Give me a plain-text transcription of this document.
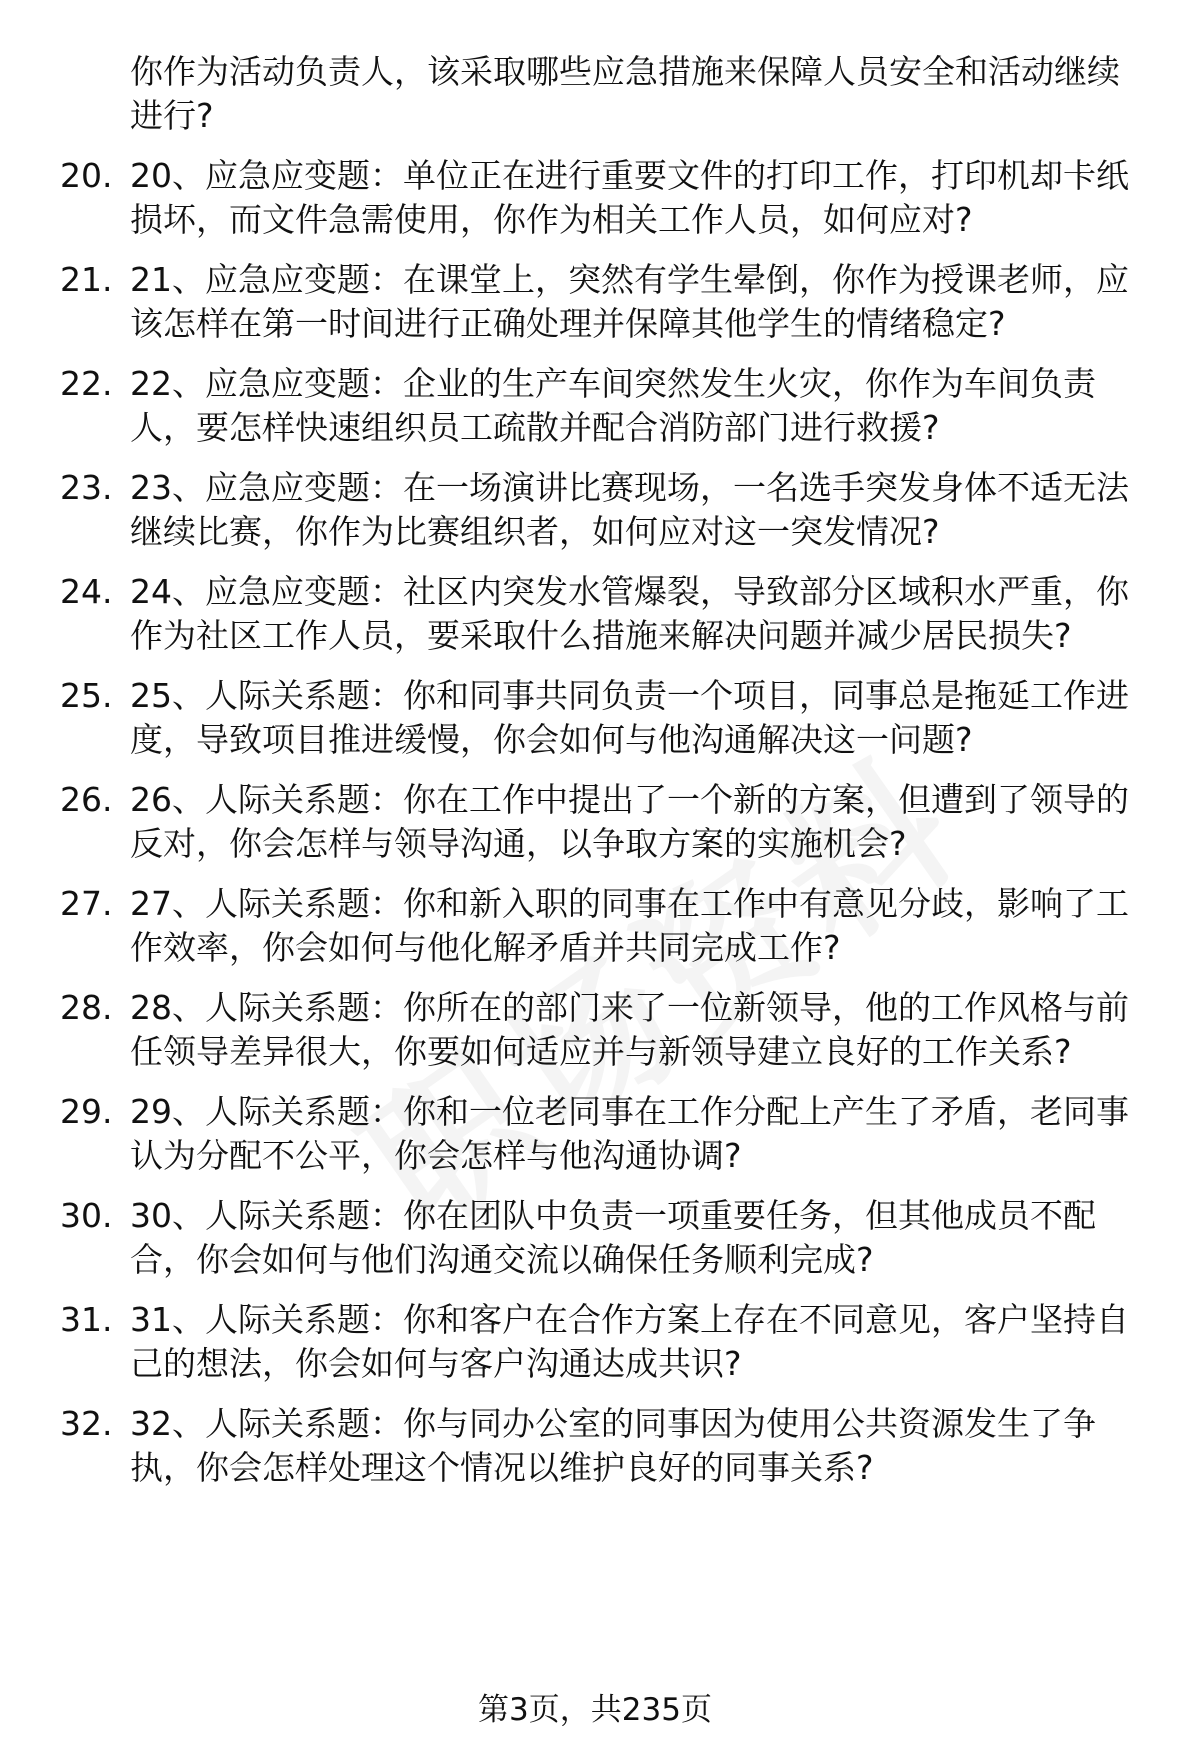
你作为活动负责人，该采取哪些应急措施来保障人员安全和活动继续进行?

20. 20、应急应变题：单位正在进行重要文件的打印工作，打印机却卡纸损坏，而文件急需使用，你作为相关工作人员，如何应对?
21. 21、应急应变题：在课堂上，突然有学生晕倒，你作为授课老师，应该怎样在第一时间进行正确处理并保障其他学生的情绪稳定?
22. 22、应急应变题：企业的生产车间突然发生火灾，你作为车间负责人，要怎样快速组织员工疏散并配合消防部门进行救援?
23. 23、应急应变题：在一场演讲比赛现场，一名选手突发身体不适无法继续比赛，你作为比赛组织者，如何应对这一突发情况?
24. 24、应急应变题：社区内突发水管爆裂，导致部分区域积水严重，你作为社区工作人员，要采取什么措施来解决问题并减少居民损失?
25. 25、人际关系题：你和同事共同负责一个项目，同事总是拖延工作进度，导致项目推进缓慢，你会如何与他沟通解决这一问题?
26. 26、人际关系题：你在工作中提出了一个新的方案，但遭到了领导的反对，你会怎样与领导沟通，以争取方案的实施机会?
27. 27、人际关系题：你和新入职的同事在工作中有意见分歧，影响了工作效率，你会如何与他化解矛盾并共同完成工作?
28. 28、人际关系题：你所在的部门来了一位新领导，他的工作风格与前任领导差异很大，你要如何适应并与新领导建立良好的工作关系?
29. 29、人际关系题：你和一位老同事在工作分配上产生了矛盾，老同事认为分配不公平，你会怎样与他沟通协调?
30. 30、人际关系题：你在团队中负责一项重要任务，但其他成员不配合，你会如何与他们沟通交流以确保任务顺利完成?
31. 31、人际关系题：你和客户在合作方案上存在不同意见，客户坚持自己的想法，你会如何与客户沟通达成共识?
32. 32、人际关系题：你与同办公室的同事因为使用公共资源发生了争执，你会怎样处理这个情况以维护良好的同事关系?
第3页，共235页
